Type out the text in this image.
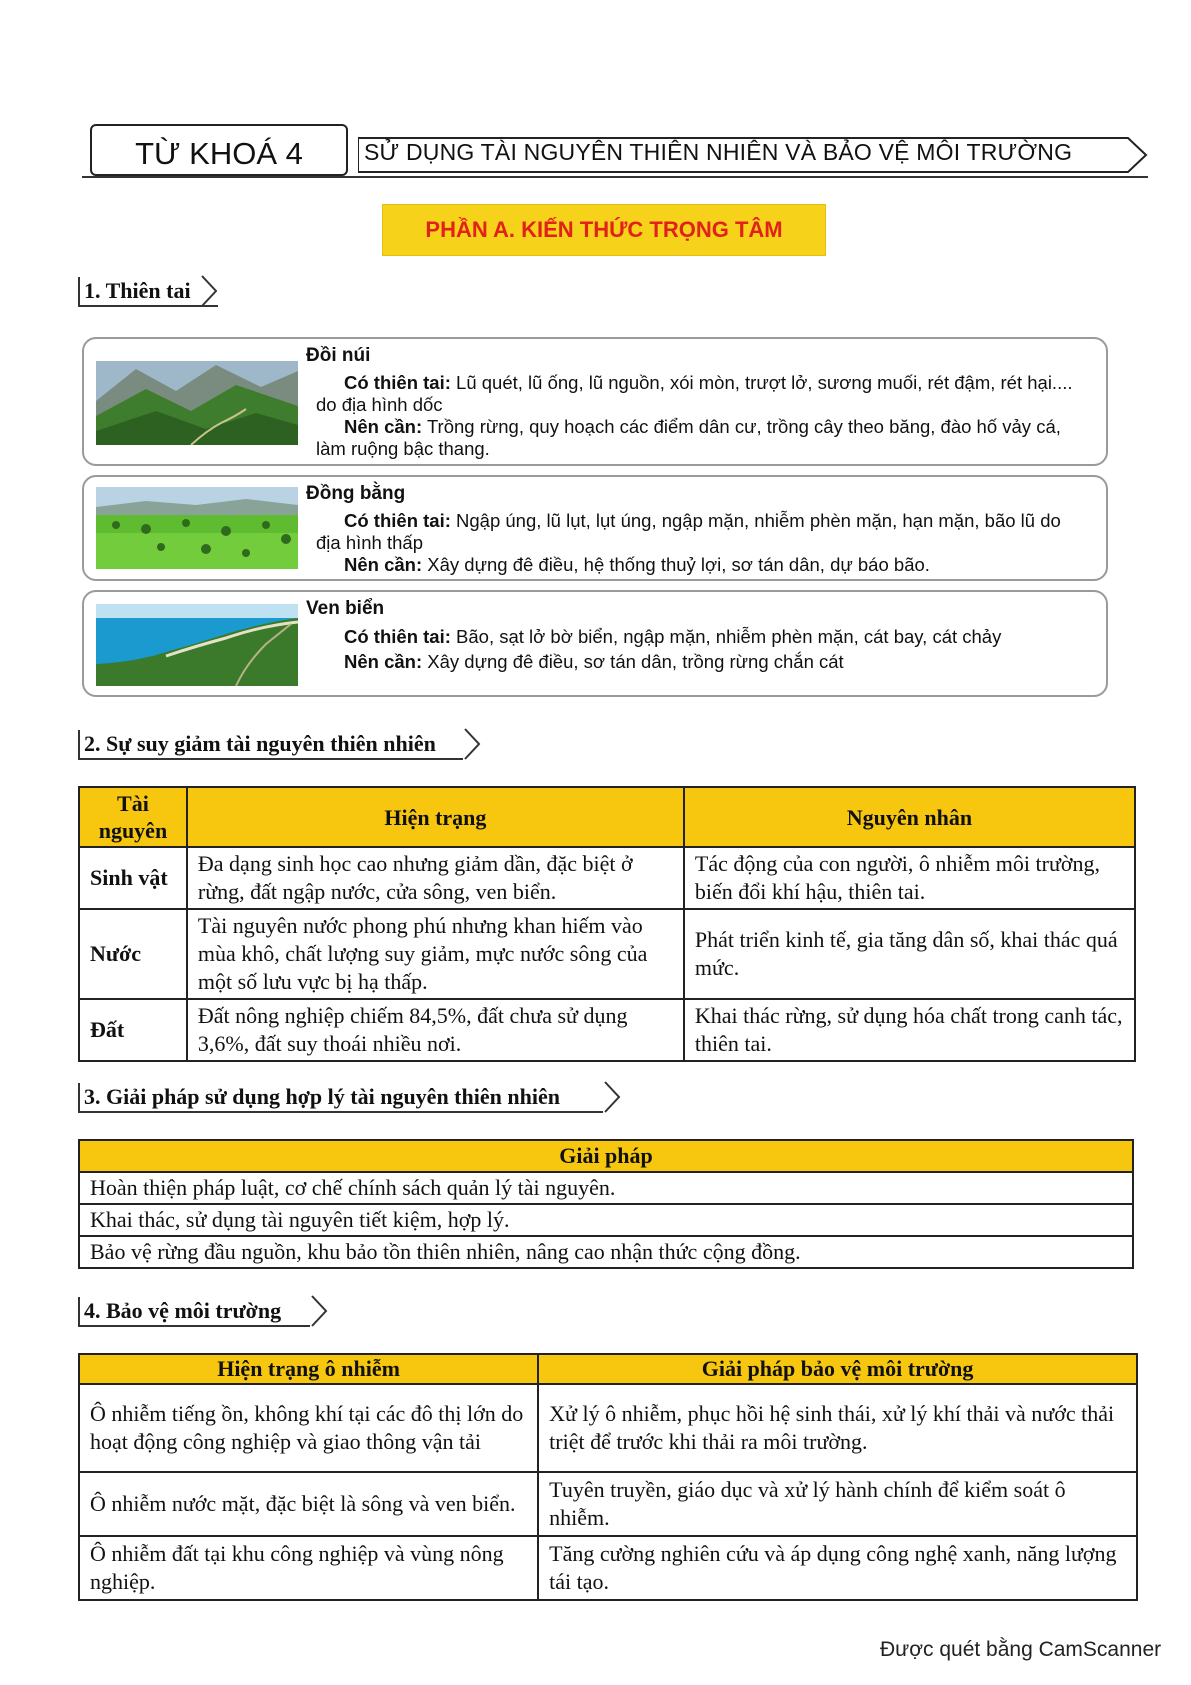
TỪ KHOÁ 4	SỬ DỤNG TÀI NGUYÊN THIÊN NHIÊN VÀ BẢO VỆ MÔI TRƯỜNG
PHẦN A. KIẾN THỨC TRỌNG TÂM
1. Thiên tai
Đồi núi
Có thiên tai: Lũ quét, lũ ống, lũ nguồn, xói mòn, trượt lở, sương muối, rét đậm, rét hại....
do địa hình dốc
Nên cần: Trồng rừng, quy hoạch các điểm dân cư, trồng cây theo băng, đào hố vảy cá,
làm ruộng bậc thang.
Đồng bằng
Có thiên tai: Ngập úng, lũ lụt, lụt úng, ngập mặn, nhiễm phèn mặn, hạn mặn, bão lũ do
địa hình thấp
Nên cần: Xây dựng đê điều, hệ thống thuỷ lợi, sơ tán dân, dự báo bão.
Ven biển
Có thiên tai: Bão, sạt lở bờ biển, ngập mặn, nhiễm phèn mặn, cát bay, cát chảy
Nên cần: Xây dựng đê điều, sơ tán dân, trồng rừng chắn cát
2. Sự suy giảm tài nguyên thiên nhiên
Tài nguyên	Hiện trạng	Nguyên nhân
Sinh vật	Đa dạng sinh học cao nhưng giảm dần, đặc biệt ở rừng, đất ngập nước, cửa sông, ven biển.	Tác động của con người, ô nhiễm môi trường, biến đổi khí hậu, thiên tai.
Nước	Tài nguyên nước phong phú nhưng khan hiếm vào mùa khô, chất lượng suy giảm, mực nước sông của một số lưu vực bị hạ thấp.	Phát triển kinh tế, gia tăng dân số, khai thác quá mức.
Đất	Đất nông nghiệp chiếm 84,5%, đất chưa sử dụng 3,6%, đất suy thoái nhiều nơi.	Khai thác rừng, sử dụng hóa chất trong canh tác, thiên tai.
3. Giải pháp sử dụng hợp lý tài nguyên thiên nhiên
Giải pháp
Hoàn thiện pháp luật, cơ chế chính sách quản lý tài nguyên.
Khai thác, sử dụng tài nguyên tiết kiệm, hợp lý.
Bảo vệ rừng đầu nguồn, khu bảo tồn thiên nhiên, nâng cao nhận thức cộng đồng.
4. Bảo vệ môi trường
Hiện trạng ô nhiễm	Giải pháp bảo vệ môi trường
Ô nhiễm tiếng ồn, không khí tại các đô thị lớn do hoạt động công nghiệp và giao thông vận tải	Xử lý ô nhiễm, phục hồi hệ sinh thái, xử lý khí thải và nước thải triệt để trước khi thải ra môi trường.
Ô nhiễm nước mặt, đặc biệt là sông và ven biển.	Tuyên truyền, giáo dục và xử lý hành chính để kiểm soát ô nhiễm.
Ô nhiễm đất tại khu công nghiệp và vùng nông nghiệp.	Tăng cường nghiên cứu và áp dụng công nghệ xanh, năng lượng tái tạo.
Được quét bằng CamScanner
